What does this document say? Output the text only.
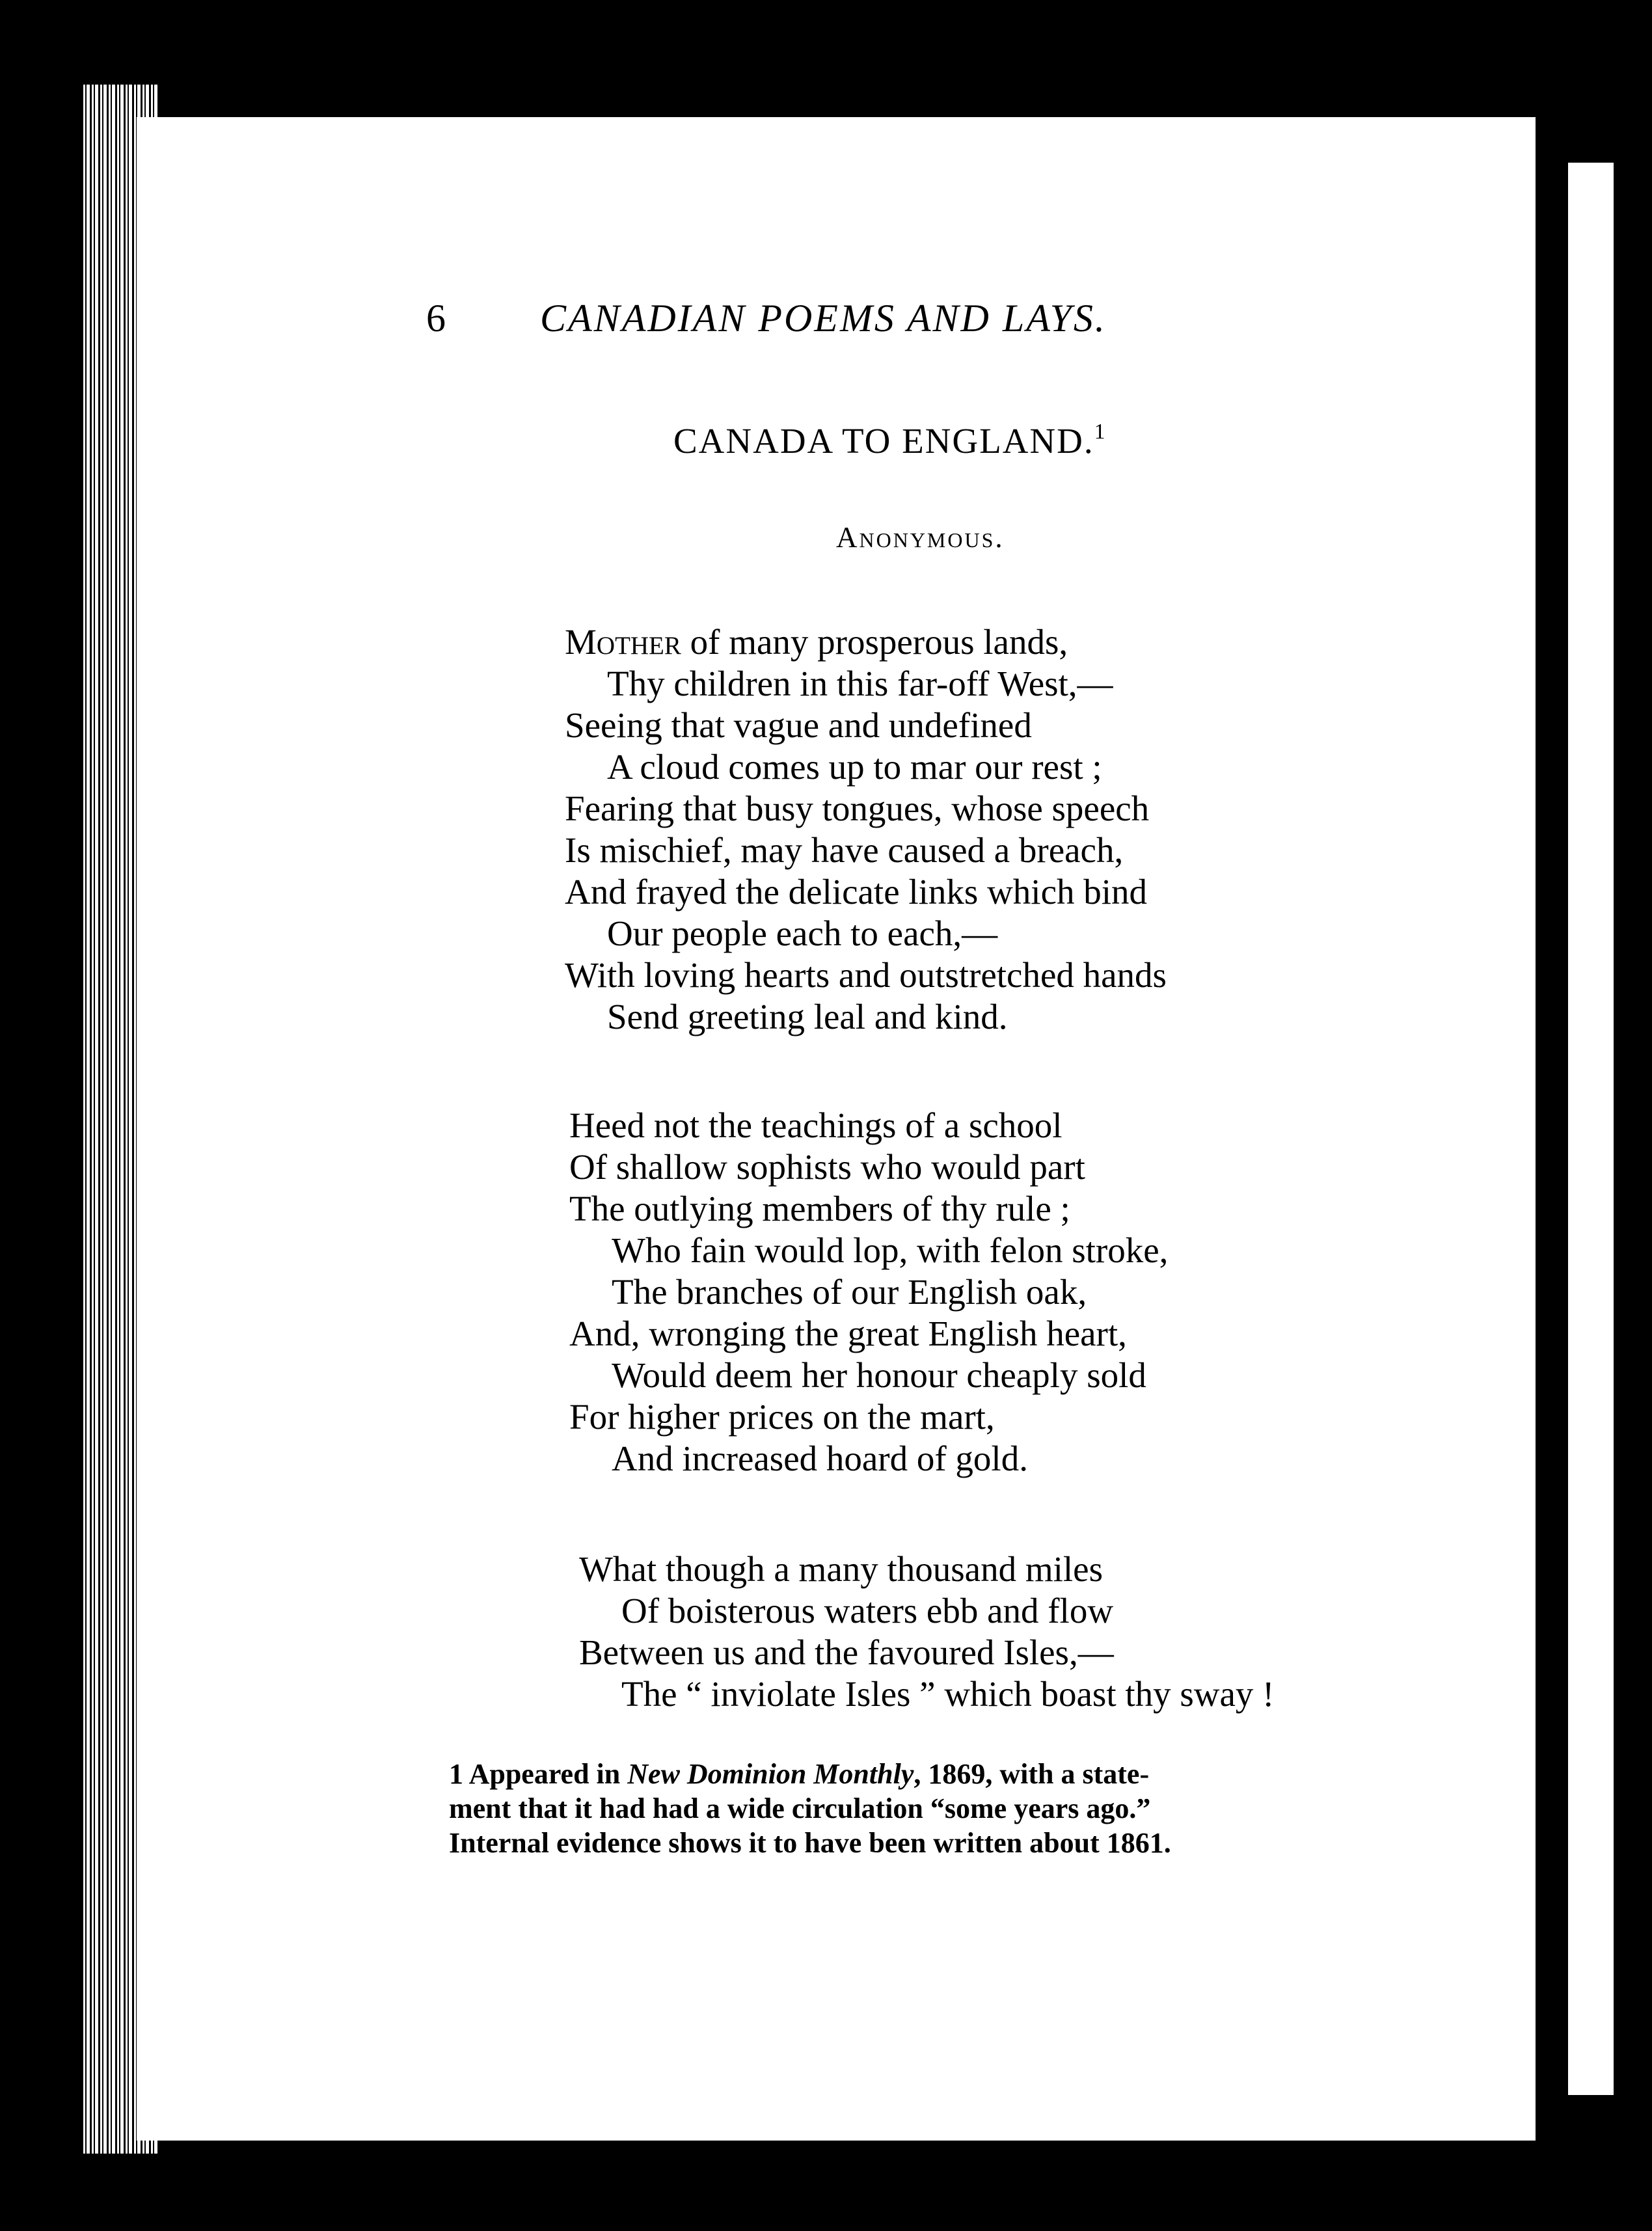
6 CANADIAN POEMS AND LAYS.
CANADA TO ENGLAND.$^1$
Anonymous.
Mother of many prosperous lands,
Thy children in this far-off West,—
Seeing that vague and undefined
A cloud comes up to mar our rest ;
Fearing that busy tongues, whose speech
Is mischief, may have caused a breach,
And frayed the delicate links which bind
Our people each to each,—
With loving hearts and outstretched hands
Send greeting leal and kind.
Heed not the teachings of a school
Of shallow sophists who would part
The outlying members of thy rule ;
Who fain would lop, with felon stroke,
The branches of our English oak,
And, wronging the great English heart,
Would deem her honour cheaply sold
For higher prices on the mart,
And increased hoard of gold.
What though a many thousand miles
Of boisterous waters ebb and flow
Between us and the favoured Isles,—
The “ inviolate Isles ” which boast thy sway !
1 Appeared in New Dominion Monthly, 1869, with a state-
ment that it had had a wide circulation “some years ago.”
Internal evidence shows it to have been written about 1861.
